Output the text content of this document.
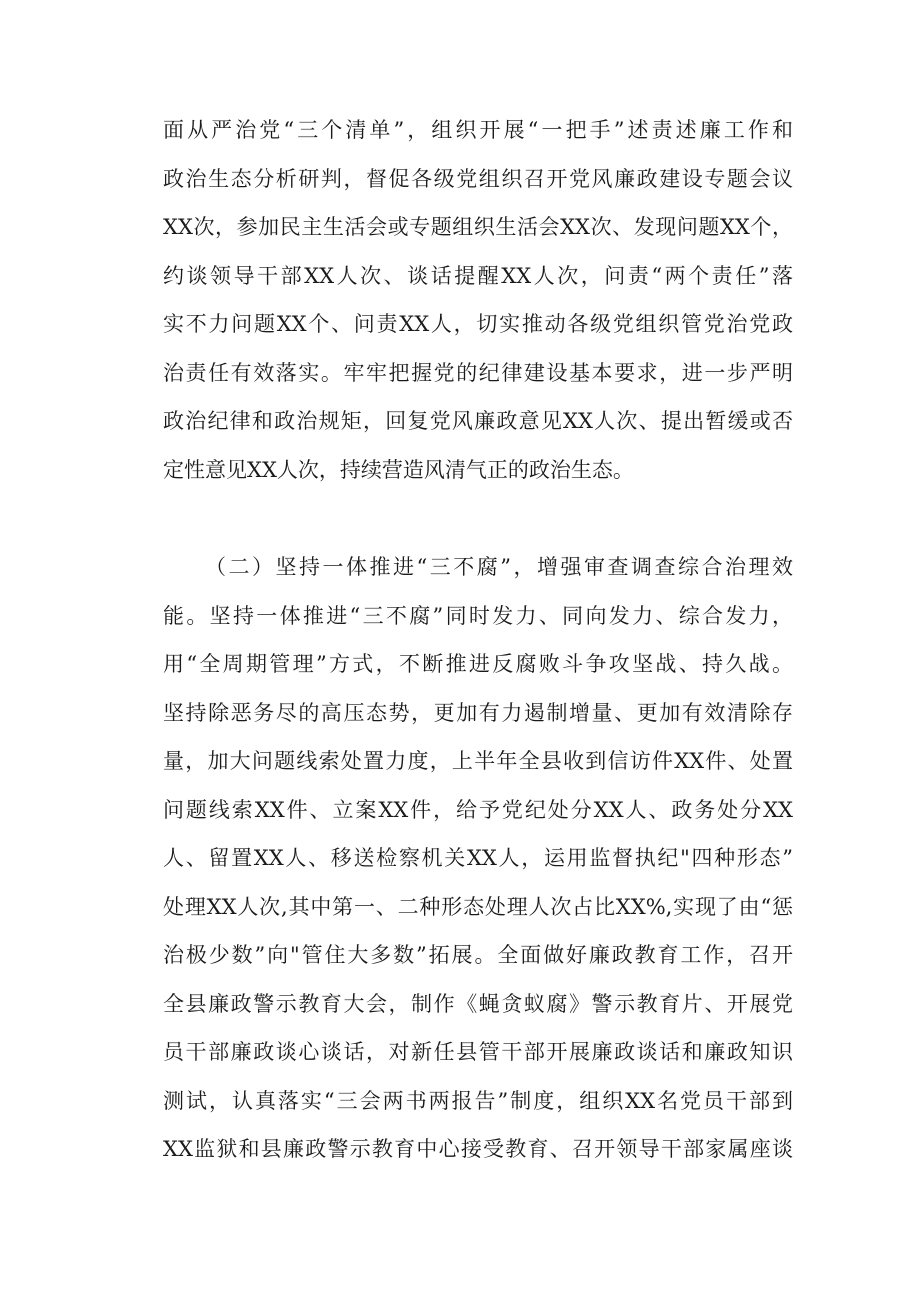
面从严治党“三个清单”，组织开展“一把手”述责述廉工作和
政治生态分析研判，督促各级党组织召开党风廉政建设专题会议
XX次，参加民主生活会或专题组织生活会XX次、发现问题XX个，
约谈领导干部XX人次、谈话提醒XX人次，问责“两个责任”落
实不力问题XX个、问责XX人，切实推动各级党组织管党治党政
治责任有效落实。牢牢把握党的纪律建设基本要求，进一步严明
政治纪律和政治规矩，回复党风廉政意见XX人次、提出暂缓或否
定性意见XX人次，持续营造风清气正的政治生态。
（二）坚持一体推进“三不腐”，增强审查调查综合治理效
能。坚持一体推进“三不腐”同时发力、同向发力、综合发力，
用“全周期管理”方式，不断推进反腐败斗争攻坚战、持久战。
坚持除恶务尽的高压态势，更加有力遏制增量、更加有效清除存
量，加大问题线索处置力度，上半年全县收到信访件XX件、处置
问题线索XX件、立案XX件，给予党纪处分XX人、政务处分XX
人、留置XX人、移送检察机关XX人，运用监督执纪"四种形态”
处理XX人次,其中第一、二种形态处理人次占比XX%,实现了由“惩
治极少数”向"管住大多数”拓展。全面做好廉政教育工作，召开
全县廉政警示教育大会，制作《蝇贪蚁腐》警示教育片、开展党
员干部廉政谈心谈话，对新任县管干部开展廉政谈话和廉政知识
测试，认真落实“三会两书两报告”制度，组织XX名党员干部到
XX监狱和县廉政警示教育中心接受教育、召开领导干部家属座谈
